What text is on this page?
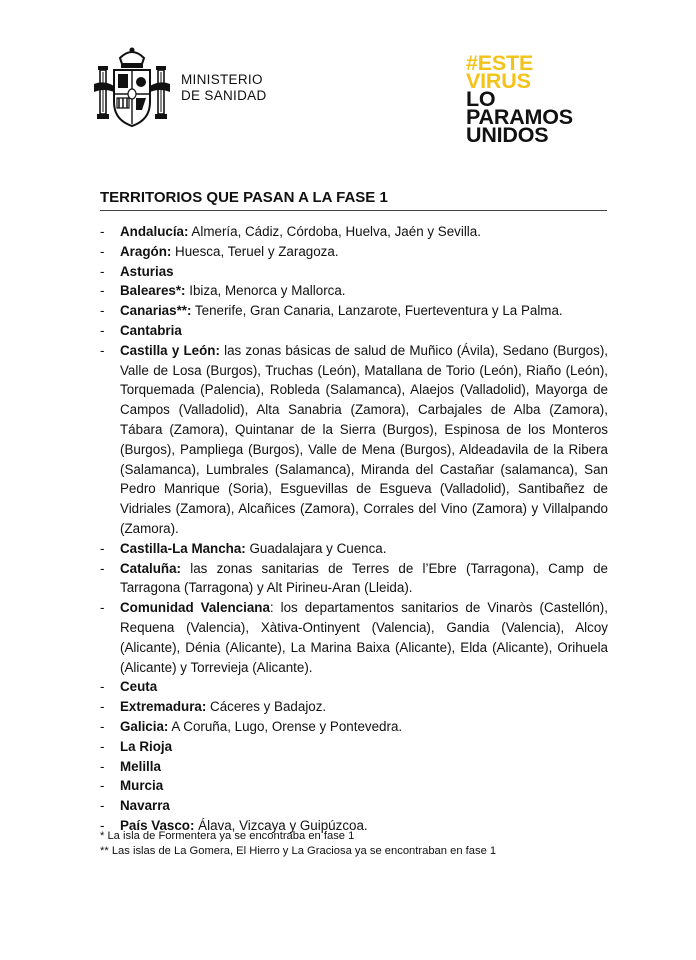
MINISTERIO
DE SANIDAD
#ESTE
VIRUS
LO
PARAMOS
UNIDOS
TERRITORIOS QUE PASAN A LA FASE 1
- Andalucía: Almería, Cádiz, Córdoba, Huelva, Jaén y Sevilla.
- Aragón: Huesca, Teruel y Zaragoza.
- Asturias
- Baleares*: Ibiza, Menorca y Mallorca.
- Canarias**: Tenerife, Gran Canaria, Lanzarote, Fuerteventura y La Palma.
- Cantabria
- Castilla y León: las zonas básicas de salud de Muñico (Ávila), Sedano (Burgos), Valle de Losa (Burgos), Truchas (León), Matallana de Torio (León), Riaño (León), Torquemada (Palencia), Robleda (Salamanca), Alaejos (Valladolid), Mayorga de Campos (Valladolid), Alta Sanabria (Zamora), Carbajales de Alba (Zamora), Tábara (Zamora), Quintanar de la Sierra (Burgos), Espinosa de los Monteros (Burgos), Pampliega (Burgos), Valle de Mena (Burgos), Aldeadavila de la Ribera (Salamanca), Lumbrales (Salamanca), Miranda del Castañar (salamanca), San Pedro Manrique (Soria), Esguevillas de Esgueva (Valladolid), Santibañez de Vidriales (Zamora), Alcañices (Zamora), Corrales del Vino (Zamora) y Villalpando (Zamora).
- Castilla-La Mancha: Guadalajara y Cuenca.
- Cataluña: las zonas sanitarias de Terres de l’Ebre (Tarragona), Camp de Tarragona (Tarragona) y Alt Pirineu-Aran (Lleida).
- Comunidad Valenciana: los departamentos sanitarios de Vinaròs (Castellón), Requena (Valencia), Xàtiva-Ontinyent (Valencia), Gandia (Valencia), Alcoy (Alicante), Dénia (Alicante), La Marina Baixa (Alicante), Elda (Alicante), Orihuela (Alicante) y Torrevieja (Alicante).
- Ceuta
- Extremadura: Cáceres y Badajoz.
- Galicia: A Coruña, Lugo, Orense y Pontevedra.
- La Rioja
- Melilla
- Murcia
- Navarra
- País Vasco: Álava, Vizcaya y Guipúzcoa.
* La isla de Formentera ya se encontraba en fase 1
** Las islas de La Gomera, El Hierro y La Graciosa ya se encontraban en fase 1
